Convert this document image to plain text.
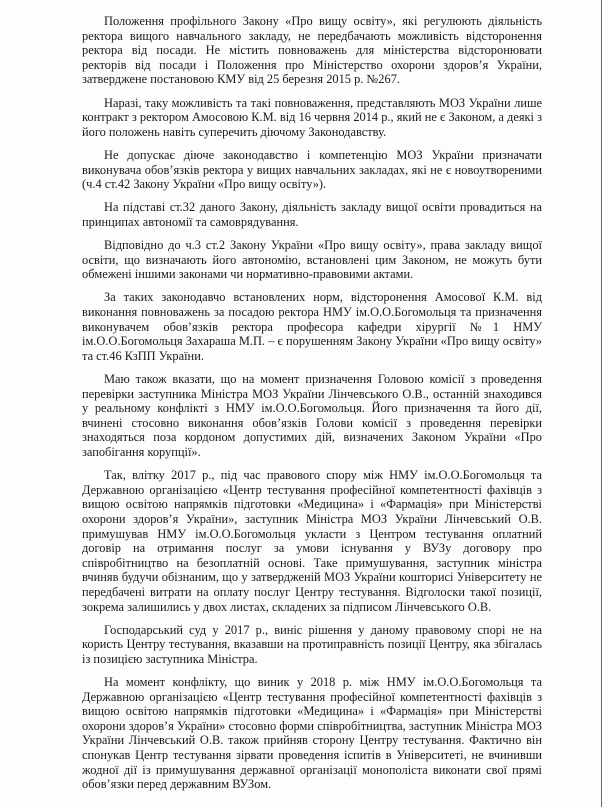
Положення профільного Закону «Про вищу освіту», які регулюють діяльність ректора вищого навчального закладу, не передбачають можливість відсторонення ректора від посади. Не містить повноважень для міністерства відсторонювати ректорів від посади і Положення про Міністерство охорони здоров’я України, затверджене постановою КМУ від 25 березня 2015 р. №267.

Наразі, таку можливість та такі повноваження, представляють МОЗ України лише контракт з ректором Амосовою К.М. від 16 червня 2014 р., який не є Законом, а деякі з його положень навіть суперечить діючому Законодавству.

Не допускає діюче законодавство і компетенцію МОЗ України призначати виконувача обов’язків ректора у вищих навчальних закладах, які не є новоутвореними (ч.4 ст.42 Закону України «Про вищу освіту»).

На підставі ст.32 даного Закону, діяльність закладу вищої освіти провадиться на принципах автономії та самоврядування.

Відповідно до ч.3 ст.2 Закону України «Про вищу освіту», права закладу вищої освіти, що визначають його автономію, встановлені цим Законом, не можуть бути обмежені іншими законами чи нормативно-правовими актами.

За таких законодавчо встановлених норм, відсторонення Амосової К.М. від виконання повноважень за посадою ректора НМУ ім.О.О.Богомольця та призначення виконувачем обов’язків ректора професора кафедри хірургії №1 НМУ ім.О.О.Богомольця Захараша М.П. – є порушенням Закону України «Про вищу освіту» та ст.46 КзПП України.

Маю також вказати, що на момент призначення Головою комісії з проведення перевірки заступника Міністра МОЗ України Лінчевського О.В., останній знаходився у реальному конфлікті з НМУ ім.О.О.Богомольця. Його призначення та його дії, вчинені стосовно виконання обов’язків Голови комісії з проведення перевірки знаходяться поза кордоном допустимих дій, визначених Законом України «Про запобігання корупції».

Так, влітку 2017 р., під час правового спору між НМУ ім.О.О.Богомольця та Державною організацією «Центр тестування професійної компетентності фахівців з вищою освітою напрямків підготовки «Медицина» і «Фармація» при Міністерстві охорони здоров’я України», заступник Міністра МОЗ України Лінчевський О.В. примушував НМУ ім.О.О.Богомольця укласти з Центром тестування оплатний договір на отримання послуг за умови існування у ВУЗу договору про співробітництво на безоплатній основі. Таке примушування, заступник міністра вчиняв будучи обізнаним, що у затвердженій МОЗ України кошторисі Університету не передбачені витрати на оплату послуг Центру тестування. Відголоски такої позиції, зокрема залишились у двох листах, складених за підписом Лінчевського О.В.

Господарський суд у 2017 р., виніс рішення у даному правовому спорі не на користь Центру тестування, вказавши на протиправність позиції Центру, яка збігалась із позицією заступника Міністра.

На момент конфлікту, що виник у 2018 р. між НМУ ім.О.О.Богомольця та Державною організацією «Центр тестування професійної компетентності фахівців з вищою освітою напрямків підготовки «Медицина» і «Фармація» при Міністерстві охорони здоров’я України» стосовно форми співробітництва, заступник Міністра МОЗ України Лінчевський О.В. також прийняв сторону Центру тестування. Фактично він спонукав Центр тестування зірвати проведення іспитів в Університеті, не вчинивши жодної дії із примушування державної організації монополіста виконати свої прямі обов’язки перед державним ВУЗом.
